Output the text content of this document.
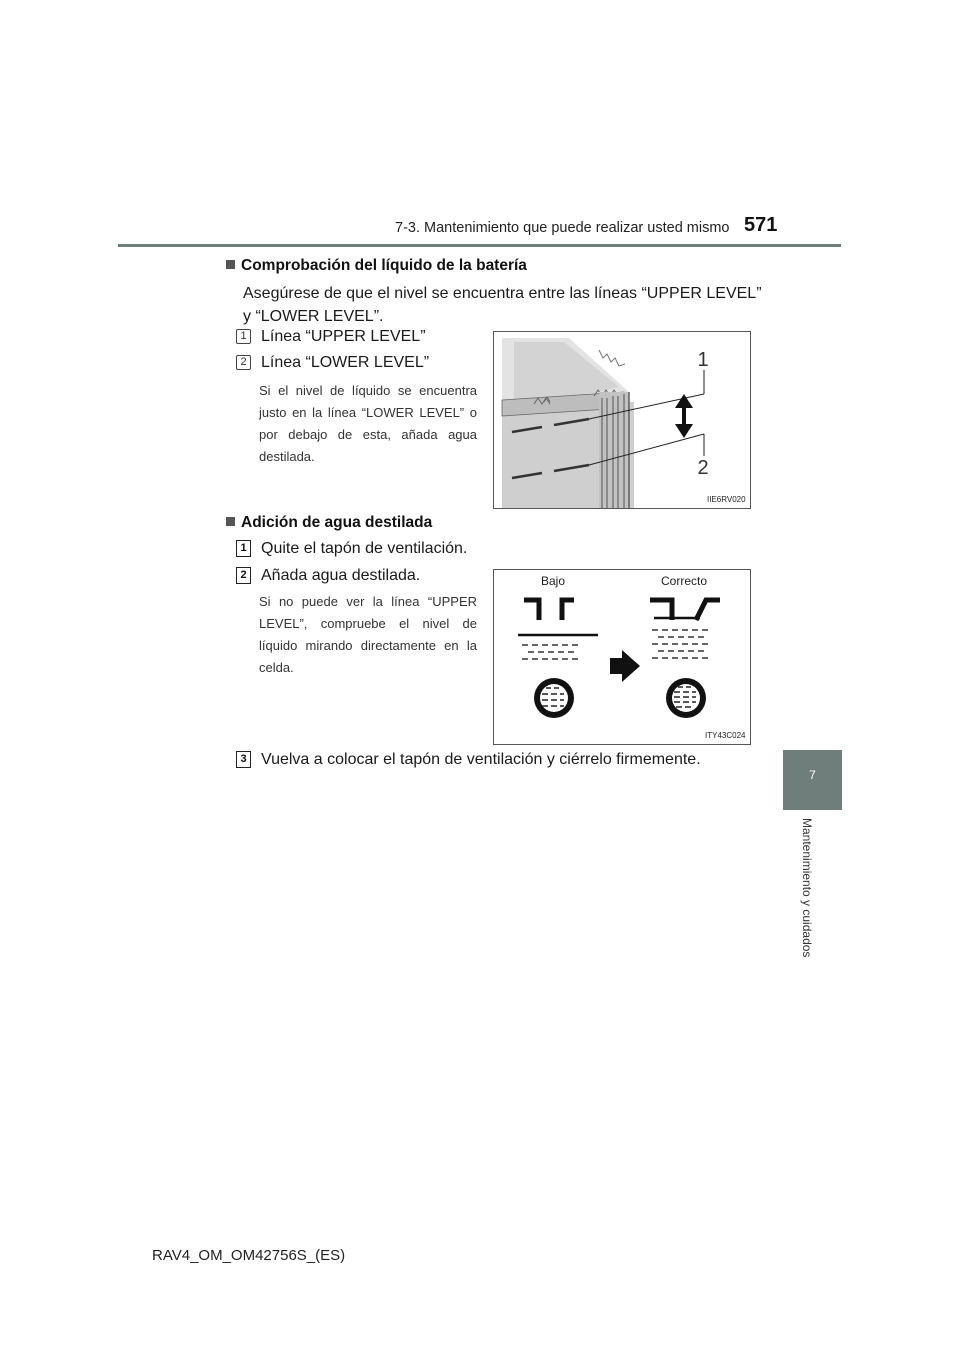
7-3. Mantenimiento que puede realizar usted mismo 571
7
Mantenimiento y cuidados
Comprobación del líquido de la batería
Asegúrese de que el nivel se encuentra entre las líneas “UPPER LEVEL” y “LOWER LEVEL”.
1 Línea “UPPER LEVEL”
2 Línea “LOWER LEVEL”
Si el nivel de líquido se encuentra justo en la línea “LOWER LEVEL” o por debajo de esta, añada agua destilada.
1
2
IIE6RV020
Adición de agua destilada
1 Quite el tapón de ventilación.
2 Añada agua destilada.
Si no puede ver la línea “UPPER LEVEL”, compruebe el nivel de líquido mirando directamente en la celda.
Bajo	Correcto
ITY43C024
3 Vuelva a colocar el tapón de ventilación y ciérrelo firmemente.
RAV4_OM_OM42756S_(ES)
